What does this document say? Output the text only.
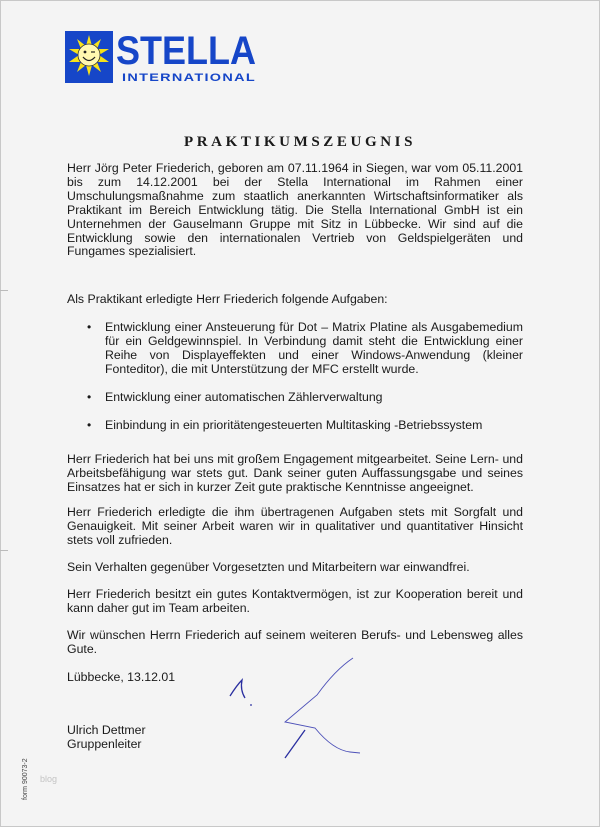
STELLA
INTERNATIONAL
PRAKTIKUMSZEUGNIS
Herr Jörg Peter Friederich, geboren am 07.11.1964 in Siegen, war vom 05.11.2001 bis zum 14.12.2001 bei der Stella International im Rahmen einer Umschulungsmaßnahme zum staatlich anerkannten Wirtschaftsinformatiker als Praktikant im Bereich Entwicklung tätig. Die Stella International GmbH ist ein Unternehmen der Gauselmann Gruppe mit Sitz in Lübbecke. Wir sind auf die Entwicklung sowie den internationalen Vertrieb von Geldspielgeräten und Fungames spezialisiert.
Als Praktikant erledigte Herr Friederich folgende Aufgaben:
• Entwicklung einer Ansteuerung für Dot – Matrix Platine als Ausgabemedium für ein Geldgewinnspiel. In Verbindung damit steht die Entwicklung einer Reihe von Displayeffekten und einer Windows-Anwendung (kleiner Fonteditor), die mit Unterstützung der MFC erstellt wurde.
• Entwicklung einer automatischen Zählerverwaltung
• Einbindung in ein prioritätengesteuerten Multitasking -Betriebssystem
Herr Friederich hat bei uns mit großem Engagement mitgearbeitet. Seine Lern- und Arbeitsbefähigung war stets gut. Dank seiner guten Auffassungsgabe und seines Einsatzes hat er sich in kurzer Zeit gute praktische Kenntnisse angeeignet.
Herr Friederich erledigte die ihm übertragenen Aufgaben stets mit Sorgfalt und Genauigkeit. Mit seiner Arbeit waren wir in qualitativer und quantitativer Hinsicht stets voll zufrieden.
Sein Verhalten gegenüber Vorgesetzten und Mitarbeitern war einwandfrei.
Herr Friederich besitzt ein gutes Kontaktvermögen, ist zur Kooperation bereit und kann daher gut im Team arbeiten.
Wir wünschen Herrn Friederich auf seinem weiteren Berufs- und Lebensweg alles Gute.
Lübbecke, 13.12.01
Ulrich Dettmer
Gruppenleiter
form 90073-2 blog
